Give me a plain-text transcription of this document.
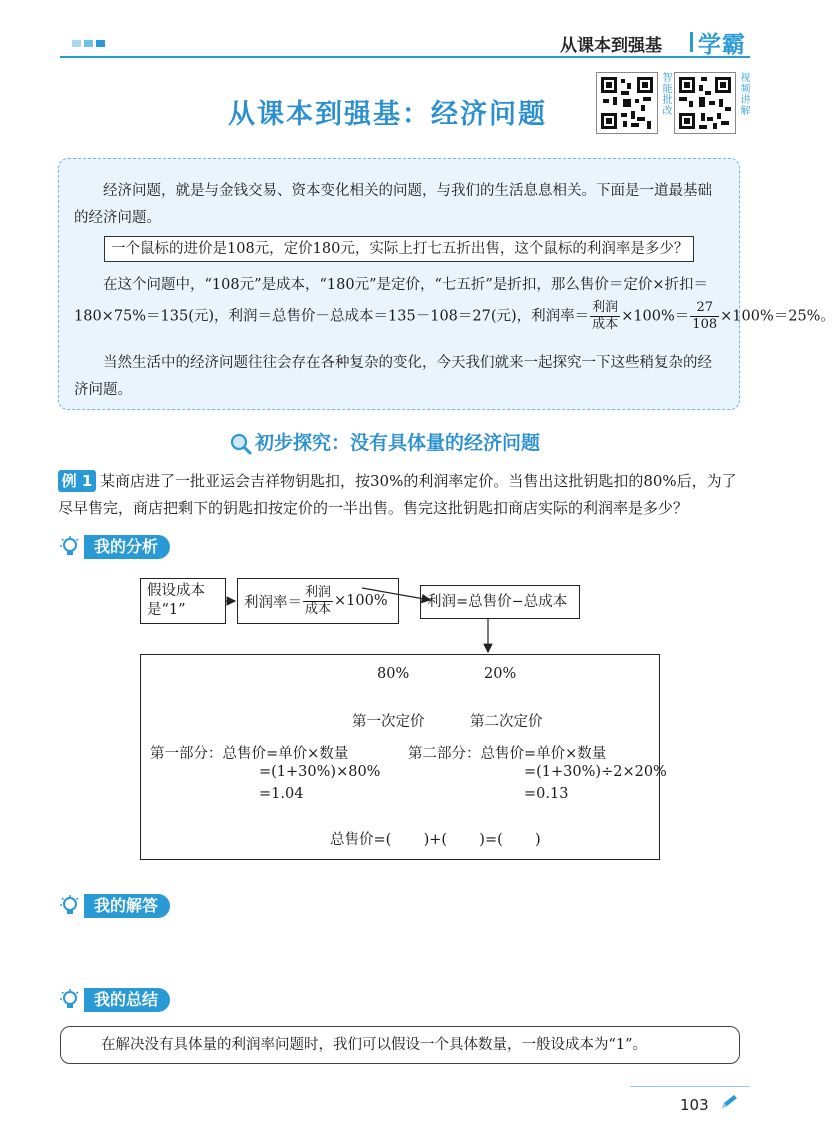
从课本到强基 学霸
从课本到强基：经济问题	智能批改	视频讲解
经济问题，就是与金钱交易、资本变化相关的问题，与我们的生活息息相关。下面是一道最基础的经济问题。
一个鼠标的进价是108元，定价180元，实际上打七五折出售，这个鼠标的利润率是多少？
在这个问题中，“108元”是成本，“180元”是定价，“七五折”是折扣，那么售价＝定价×折扣＝
180×75%＝135(元)，利润＝总售价－总成本＝135－108＝27(元)，利润率＝ $\frac{\text{利润}}{\text{成本}} \times 100\%= \frac{27}{108} \times 100\%=25\%$。
当然生活中的经济问题往往会存在各种复杂的变化，今天我们就来一起探究一下这些稍复杂的经济问题。
初步探究：没有具体量的经济问题
某商店进了一批亚运会吉祥物钥匙扣，按30%的利润率定价。当售出这批钥匙扣的80%后，为了尽早售完，商店把剩下的钥匙扣按定价的一半出售。售完这批钥匙扣商店实际的利润率是多少？
例 1
我的分析
假设成本
是“1”	利润率＝ $\frac{\text{利润}}{\text{成本}} \times 100\%$	利润=总售价−总成本
80%	20%
第一次定价	第二次定价
第一部分：总售价=单价×数量
=(1+30%)×80%
=1.04
第二部分：总售价=单价×数量
=(1+30%)÷2×20%
=0.13
总售价=(       )+(       )=(       )
我的解答
我的总结
在解决没有具体量的利润率问题时，我们可以假设一个具体数量，一般设成本为“1”。
103
